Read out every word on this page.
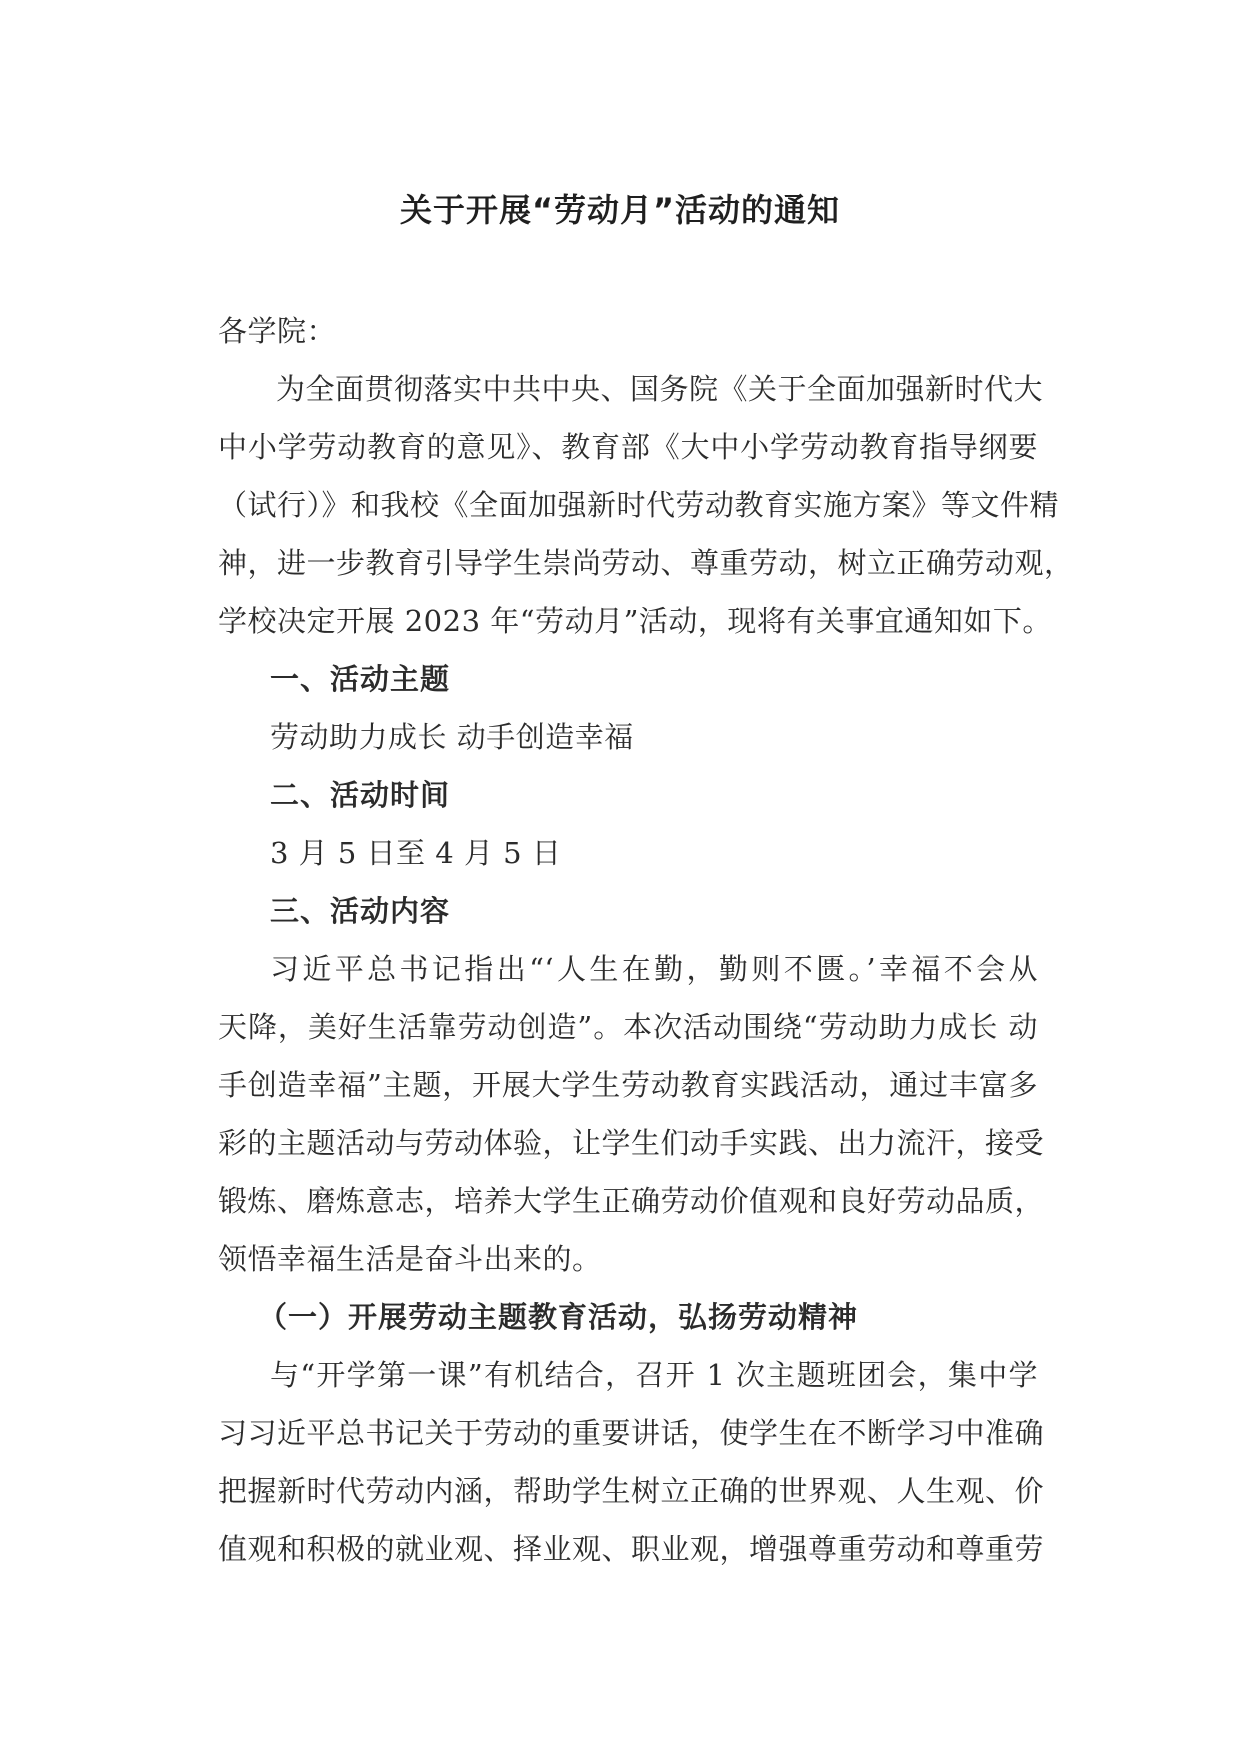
关于开展“劳动月”活动的通知
各学院：
为全面贯彻落实中共中央、国务院《关于全面加强新时代大
中小学劳动教育的意见》、教育部《大中小学劳动教育指导纲要
（试行）》和我校《全面加强新时代劳动教育实施方案》等文件精
神，进一步教育引导学生崇尚劳动、尊重劳动，树立正确劳动观，
学校决定开展 2023 年“劳动月”活动，现将有关事宜通知如下。
一、活动主题
劳动助力成长 动手创造幸福
二、活动时间
3 月 5 日至 4 月 5 日
三、活动内容
习近平总书记指出“‘人生在勤，勤则不匮。’幸福不会从
天降，美好生活靠劳动创造”。本次活动围绕“劳动助力成长 动
手创造幸福”主题，开展大学生劳动教育实践活动，通过丰富多
彩的主题活动与劳动体验，让学生们动手实践、出力流汗，接受
锻炼、磨炼意志，培养大学生正确劳动价值观和良好劳动品质，
领悟幸福生活是奋斗出来的。
（一）开展劳动主题教育活动，弘扬劳动精神
与“开学第一课”有机结合，召开 1 次主题班团会，集中学
习习近平总书记关于劳动的重要讲话，使学生在不断学习中准确
把握新时代劳动内涵，帮助学生树立正确的世界观、人生观、价
值观和积极的就业观、择业观、职业观，增强尊重劳动和尊重劳
